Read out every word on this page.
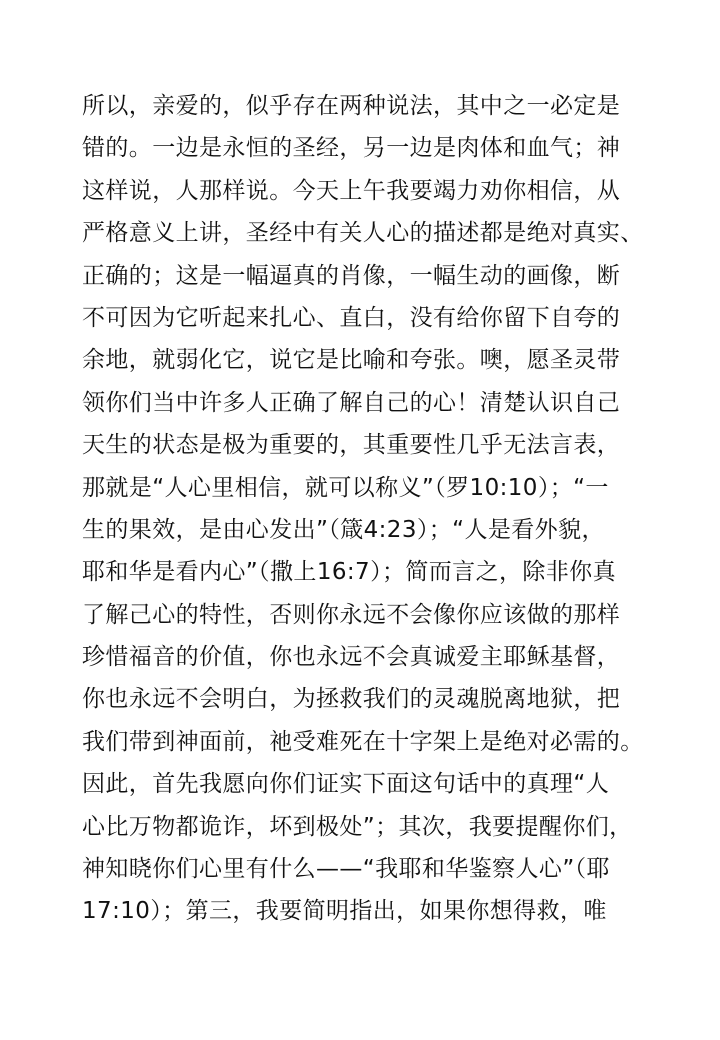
所以，亲爱的，似乎存在两种说法，其中之一必定是
错的。一边是永恒的圣经，另一边是肉体和血气；神
这样说，人那样说。今天上午我要竭力劝你相信，从
严格意义上讲，圣经中有关人心的描述都是绝对真实、
正确的；这是一幅逼真的肖像，一幅生动的画像，断
不可因为它听起来扎心、直白，没有给你留下自夸的
余地，就弱化它，说它是比喻和夸张。噢，愿圣灵带
领你们当中许多人正确了解自己的心！清楚认识自己
天生的状态是极为重要的，其重要性几乎无法言表，
那就是“人心里相信，就可以称义”（罗10:10）；“一
生的果效，是由心发出”（箴4:23）；“人是看外貌，
耶和华是看内心”（撒上16:7）；简而言之，除非你真
了解己心的特性，否则你永远不会像你应该做的那样
珍惜福音的价值，你也永远不会真诚爱主耶稣基督，
你也永远不会明白，为拯救我们的灵魂脱离地狱，把
我们带到神面前，祂受难死在十字架上是绝对必需的。
因此，首先我愿向你们证实下面这句话中的真理“人
心比万物都诡诈，坏到极处”；其次，我要提醒你们，
神知晓你们心里有什么——“我耶和华鉴察人心”（耶
17:10）；第三，我要简明指出，如果你想得救，唯
